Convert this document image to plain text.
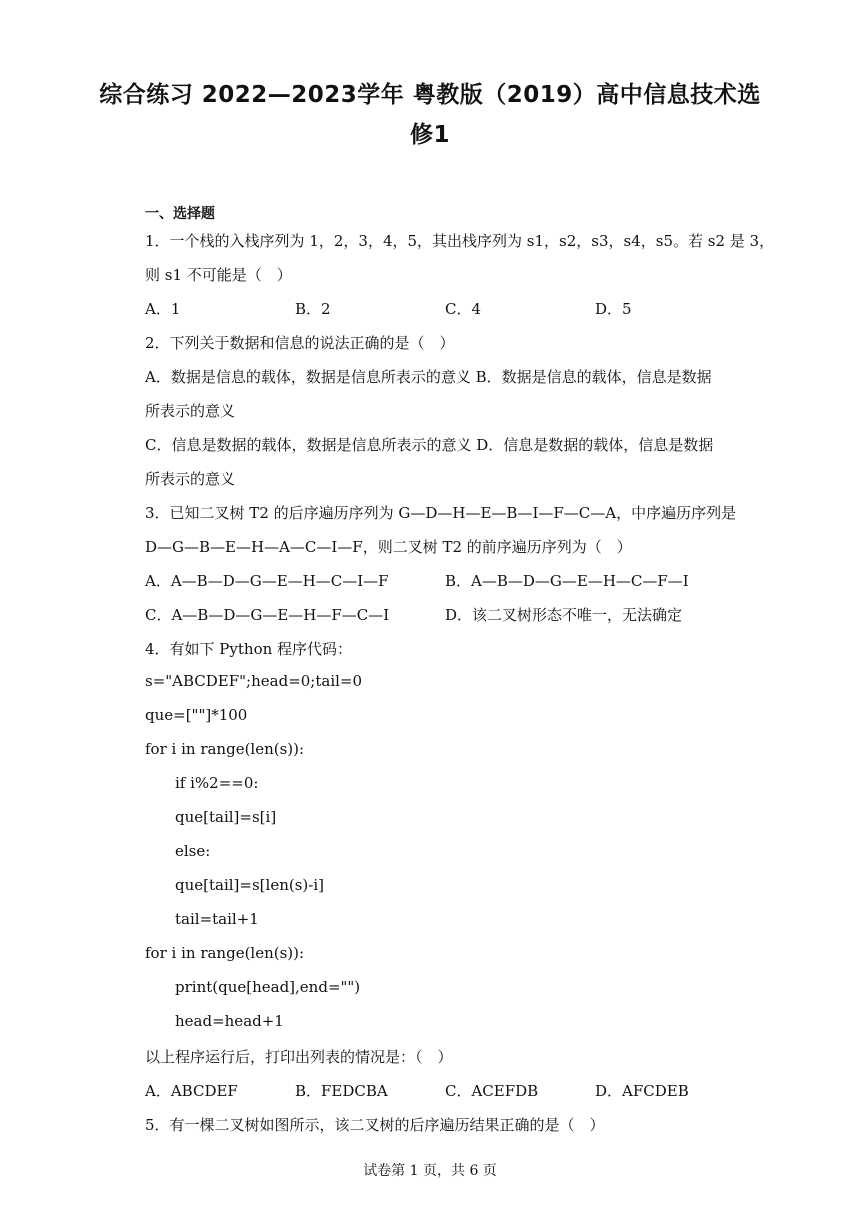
综合练习 2022—2023学年 粤教版（2019）高中信息技术选
修1
一、选择题
1．一个栈的入栈序列为 1，2，3，4，5，其出栈序列为 s1，s2，s3，s4，s5。若 s2 是 3，
则 s1 不可能是（　）
A．1	B．2	C．4	D．5
2．下列关于数据和信息的说法正确的是（　）
A．数据是信息的载体，数据是信息所表示的意义 B．数据是信息的载体，信息是数据
所表示的意义
C．信息是数据的载体，数据是信息所表示的意义 D．信息是数据的载体，信息是数据
所表示的意义
3．已知二叉树 T2 的后序遍历序列为 G—D—H—E—B—I—F—C—A，中序遍历序列是
D—G—B—E—H—A—C—I—F，则二叉树 T2 的前序遍历序列为（　）
A．A—B—D—G—E—H—C—I—F	B．A—B—D—G—E—H—C—F—I
C．A—B—D—G—E—H—F—C—I	D．该二叉树形态不唯一，无法确定
4．有如下 Python 程序代码：
s="ABCDEF";head=0;tail=0
que=[""]*100
for i in range(len(s)):
if i%2==0:
que[tail]=s[i]
else:
que[tail]=s[len(s)-i]
tail=tail+1
for i in range(len(s)):
print(que[head],end="")
head=head+1
以上程序运行后，打印出列表的情况是：（　）
A．ABCDEF	B．FEDCBA	C．ACEFDB	D．AFCDEB
5．有一棵二叉树如图所示，该二叉树的后序遍历结果正确的是（　）
试卷第 1 页，共 6 页
